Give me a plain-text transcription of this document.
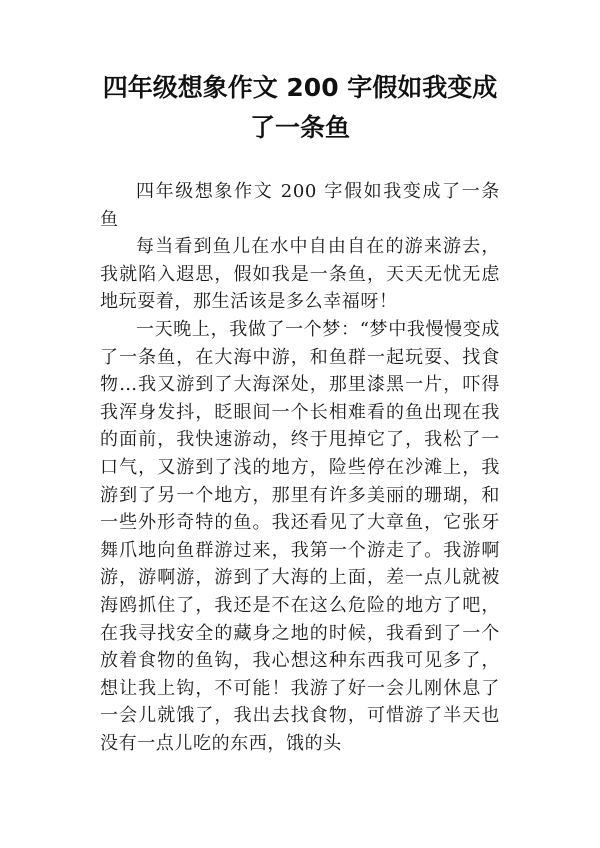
四年级想象作文 200 字假如我变成了一条鱼

四年级想象作文 200 字假如我变成了一条鱼

每当看到鱼儿在水中自由自在的游来游去，我就陷入遐思，假如我是一条鱼，天天无忧无虑地玩耍着，那生活该是多么幸福呀！

一天晚上，我做了一个梦：“梦中我慢慢变成了一条鱼，在大海中游，和鱼群一起玩耍、找食物…我又游到了大海深处，那里漆黑一片，吓得我浑身发抖，眨眼间一个长相难看的鱼出现在我的面前，我快速游动，终于甩掉它了，我松了一口气，又游到了浅的地方，险些停在沙滩上，我游到了另一个地方，那里有许多美丽的珊瑚，和一些外形奇特的鱼。我还看见了大章鱼，它张牙舞爪地向鱼群游过来，我第一个游走了。我游啊游，游啊游，游到了大海的上面，差一点儿就被海鸥抓住了，我还是不在这么危险的地方了吧，在我寻找安全的藏身之地的时候，我看到了一个放着食物的鱼钩，我心想这种东西我可见多了，想让我上钩，不可能！我游了好一会儿刚休息了一会儿就饿了，我出去找食物，可惜游了半天也没有一点儿吃的东西，饿的头
